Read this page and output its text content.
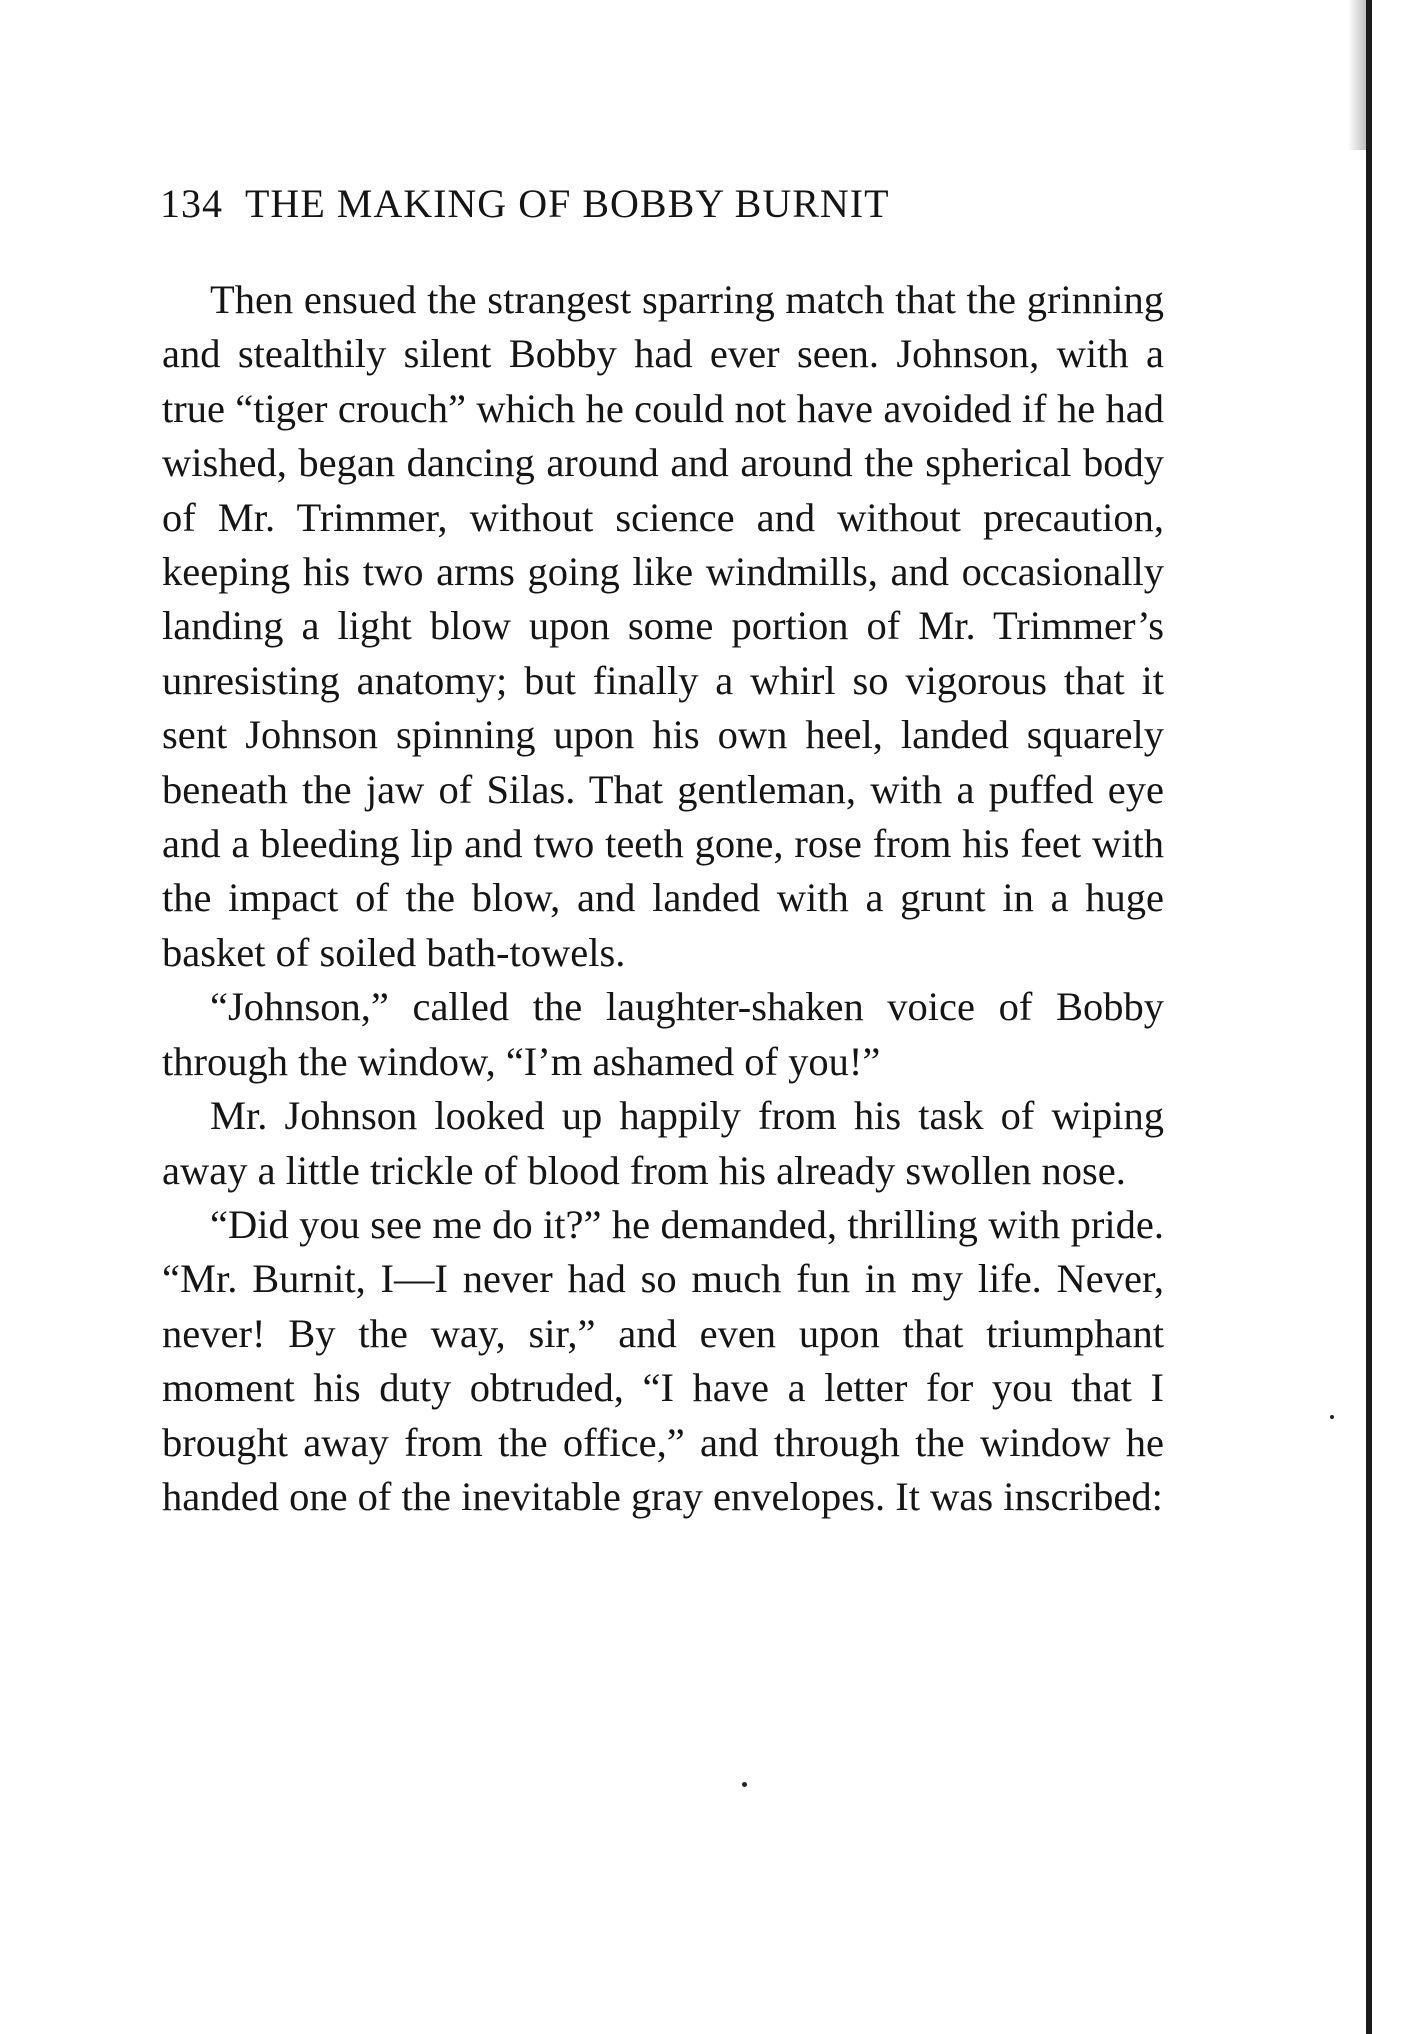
134 THE MAKING OF BOBBY BURNIT

Then ensued the strangest sparring match that the grinning and stealthily silent Bobby had ever seen. Johnson, with a true “tiger crouch” which he could not have avoided if he had wished, began dancing around and around the spherical body of Mr. Trimmer, without science and without precaution, keeping his two arms going like windmills, and occasionally landing a light blow upon some portion of Mr. Trimmer’s unresisting anatomy; but finally a whirl so vigorous that it sent Johnson spinning upon his own heel, landed squarely beneath the jaw of Silas. That gentleman, with a puffed eye and a bleeding lip and two teeth gone, rose from his feet with the impact of the blow, and landed with a grunt in a huge basket of soiled bath-towels.

“Johnson,” called the laughter-shaken voice of Bobby through the window, “I’m ashamed of you!”

Mr. Johnson looked up happily from his task of wiping away a little trickle of blood from his already swollen nose.

“Did you see me do it?” he demanded, thrilling with pride. “Mr. Burnit, I—I never had so much fun in my life. Never, never! By the way, sir,” and even upon that triumphant moment his duty obtruded, “I have a letter for you that I brought away from the office,” and through the window he handed one of the inevitable gray envelopes. It was inscribed:
